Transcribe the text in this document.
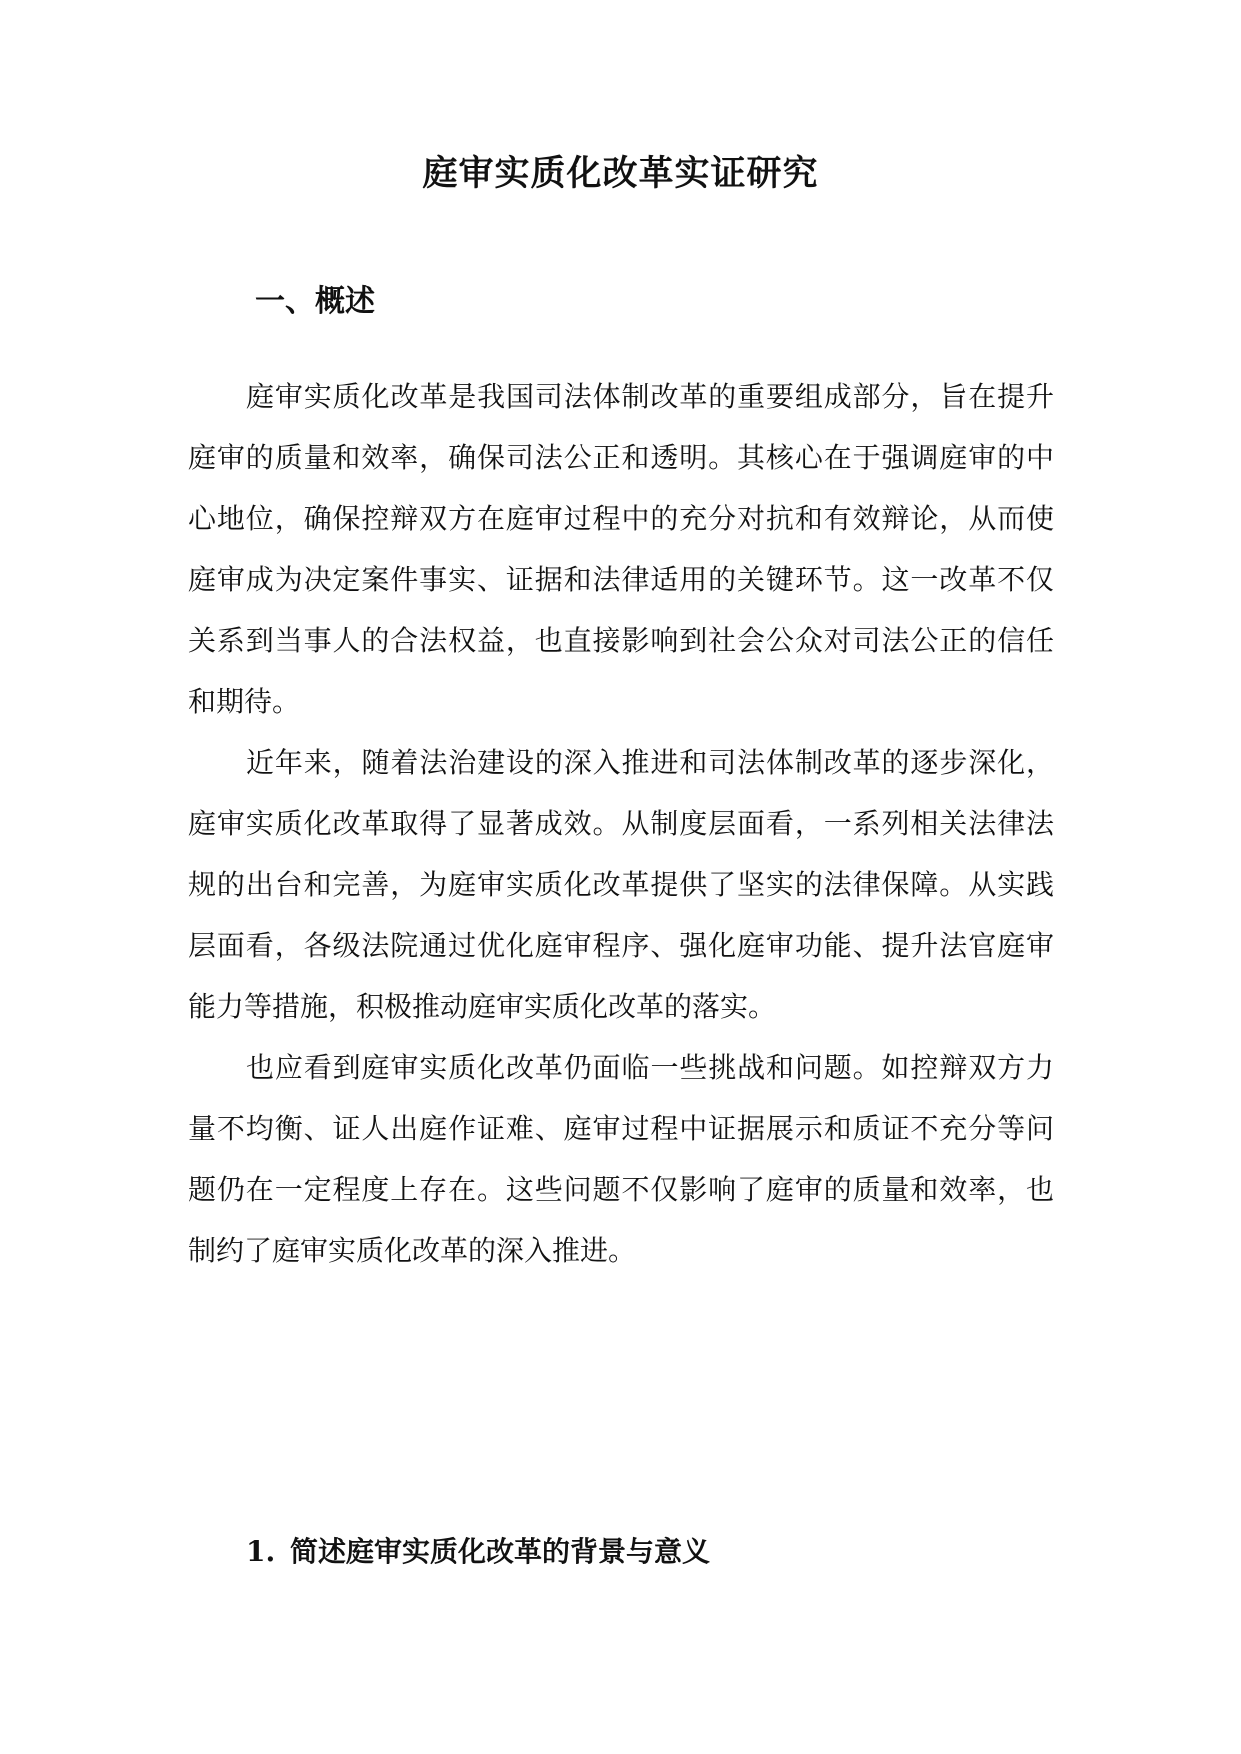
庭审实质化改革实证研究
一、概述

庭审实质化改革是我国司法体制改革的重要组成部分，旨在提升庭审的质量和效率，确保司法公正和透明。其核心在于强调庭审的中心地位，确保控辩双方在庭审过程中的充分对抗和有效辩论，从而使庭审成为决定案件事实、证据和法律适用的关键环节。这一改革不仅关系到当事人的合法权益，也直接影响到社会公众对司法公正的信任和期待。

近年来，随着法治建设的深入推进和司法体制改革的逐步深化，庭审实质化改革取得了显著成效。从制度层面看，一系列相关法律法规的出台和完善，为庭审实质化改革提供了坚实的法律保障。从实践层面看，各级法院通过优化庭审程序、强化庭审功能、提升法官庭审能力等措施，积极推动庭审实质化改革的落实。

也应看到庭审实质化改革仍面临一些挑战和问题。如控辩双方力量不均衡、证人出庭作证难、庭审过程中证据展示和质证不充分等问题仍在一定程度上存在。这些问题不仅影响了庭审的质量和效率，也制约了庭审实质化改革的深入推进。

1. 简述庭审实质化改革的背景与意义
